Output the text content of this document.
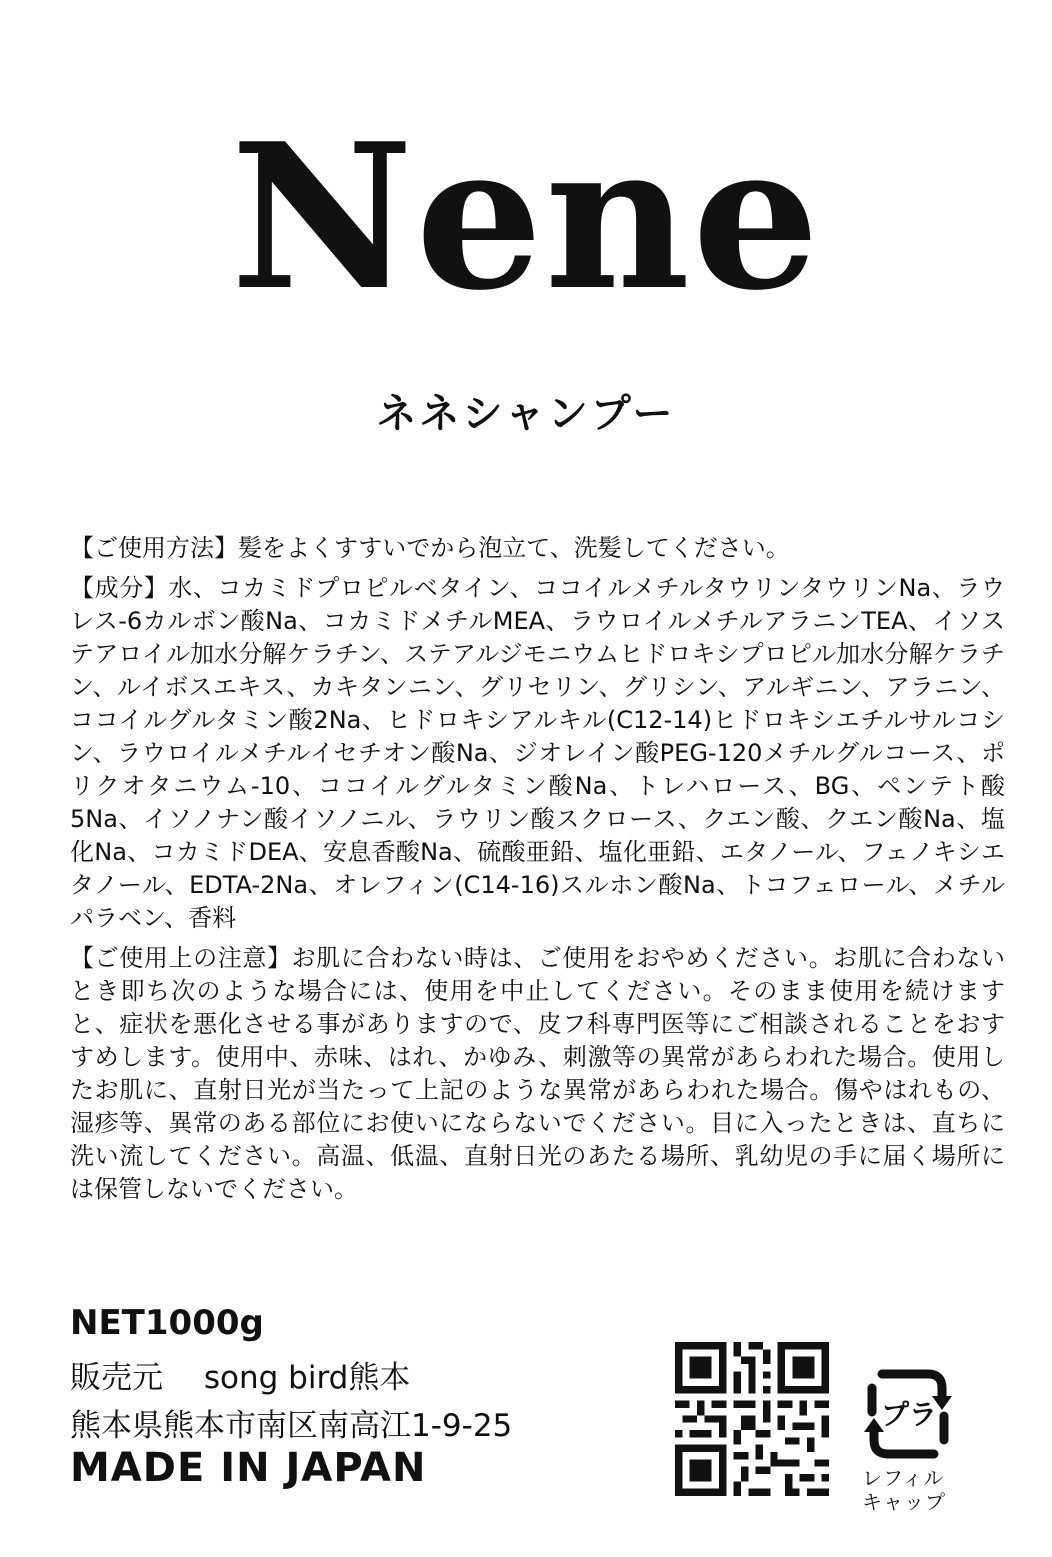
Nene
ネネシャンプー

【ご使用方法】髪をよくすすいでから泡立て、洗髪してください。

【成分】水、コカミドプロピルベタイン、ココイルメチルタウリンタウリンNa、ラウレス-6カルボン酸Na、コカミドメチルMEA、ラウロイルメチルアラニンTEA、イソステアロイル加水分解ケラチン、ステアルジモニウムヒドロキシプロピル加水分解ケラチン、ルイボスエキス、カキタンニン、グリセリン、グリシン、アルギニン、アラニン、ココイルグルタミン酸2Na、ヒドロキシアルキル(C12-14)ヒドロキシエチルサルコシン、ラウロイルメチルイセチオン酸Na、ジオレイン酸PEG-120メチルグルコース、ポリクオタニウム-10、ココイルグルタミン酸Na、トレハロース、BG、ペンテト酸5Na、イソノナン酸イソノニル、ラウリン酸スクロース、クエン酸、クエン酸Na、塩化Na、コカミドDEA、安息香酸Na、硫酸亜鉛、塩化亜鉛、エタノール、フェノキシエタノール、EDTA-2Na、オレフィン(C14-16)スルホン酸Na、トコフェロール、メチルパラベン、香料

【ご使用上の注意】お肌に合わない時は、ご使用をおやめください。お肌に合わないとき即ち次のような場合には、使用を中止してください。そのまま使用を続けますと、症状を悪化させる事がありますので、皮フ科専門医等にご相談されることをおすすめします。使用中、赤味、はれ、かゆみ、刺激等の異常があらわれた場合。使用したお肌に、直射日光が当たって上記のような異常があらわれた場合。傷やはれもの、湿疹等、異常のある部位にお使いにならないでください。目に入ったときは、直ちに洗い流してください。高温、低温、直射日光のあたる場所、乳幼児の手に届く場所には保管しないでください。

NET1000g
販売元　 song bird熊本
熊本県熊本市南区南高江1-9-25
MADE IN JAPAN
プラ
レフィル
キャップ
